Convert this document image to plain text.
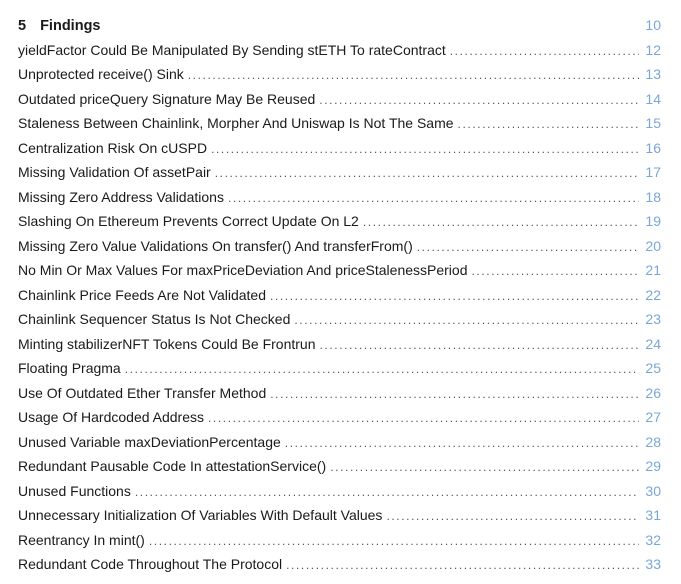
5 Findings	10
yieldFactor Could Be Manipulated By Sending stETH To rateContract .....	12
Unprotected receive() Sink .....	13
Outdated priceQuery Signature May Be Reused .....	14
Staleness Between Chainlink, Morpher And Uniswap Is Not The Same .....	15
Centralization Risk On cUSPD .....	16
Missing Validation Of assetPair .....	17
Missing Zero Address Validations .....	18
Slashing On Ethereum Prevents Correct Update On L2 .....	19
Missing Zero Value Validations On transfer() And transferFrom() .....	20
No Min Or Max Values For maxPriceDeviation And priceStalenessPeriod .....	21
Chainlink Price Feeds Are Not Validated .....	22
Chainlink Sequencer Status Is Not Checked .....	23
Minting stabilizerNFT Tokens Could Be Frontrun .....	24
Floating Pragma .....	25
Use Of Outdated Ether Transfer Method .....	26
Usage Of Hardcoded Address .....	27
Unused Variable maxDeviationPercentage .....	28
Redundant Pausable Code In attestationService() .....	29
Unused Functions .....	30
Unnecessary Initialization Of Variables With Default Values .....	31
Reentrancy In mint() .....	32
Redundant Code Throughout The Protocol .....	33
